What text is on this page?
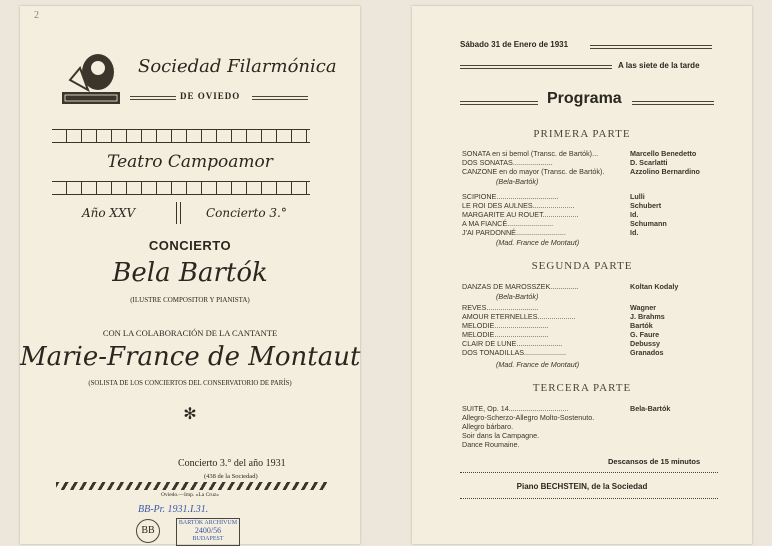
2
Sociedad Filarmónica
DE OVIEDO
Teatro Campoamor
Año XXV	Concierto 3.°
CONCIERTO
Bela Bartók
(ILUSTRE COMPOSITOR Y PIANISTA)
CON LA COLABORACIÓN DE LA CANTANTE
Marie-France de Montaut
(SOLISTA DE LOS CONCIERTOS DEL CONSERVATORIO DE PARÍS)
✻
Concierto 3.° del año 1931
(438 de la Sociedad)
Oviedo.—Imp. «La Cruz»
BB-Pr. 1931.I.31.
BB
BARTÓK ARCHÍVUM
2400/56
BUDAPEST
Sábado 31 de Enero de 1931
A las siete de la tarde
Programa
PRIMERA PARTE
SONATA en si bemol (Transc. de Bartók)...	Marcello Benedetto
DOS SONATAS....................	D. Scarlatti
CANZONE en do mayor (Transc. de Bartók).	Azzolino Bernardino
(Bela-Bartók)
SCIPIONE...............................	Lulli
LE ROI DES AULNES.....................	Schubert
MARGARITE AU ROUET..................	Id.
A MA FIANCÉ.......................	Schumann
J'AI PARDONNÉ.........................	Id.
(Mad. France de Montaut)
SEGUNDA PARTE
DANZAS DE MAROSSZEK..............	Koltan Kodaly
(Bela-Bartók)
REVES..........................	Wagner
AMOUR ETERNELLES...................	J. Brahms
MELODIE...........................	Bartók
MELODIE...........................	G. Faure
CLAIR DE LUNE.......................	Debussy
DOS TONADILLAS.....................	Granados
(Mad. France de Montaut)
TERCERA PARTE
SUITE, Op. 14..............................	Bela-Bartók
Allegro-Scherzo-Allegro Molto-Sostenuto.
Allegro bárbaro.
Soir dans la Campagne.
Dance Roumaine.
Descansos de 15 minutos
Piano BECHSTEIN, de la Sociedad
